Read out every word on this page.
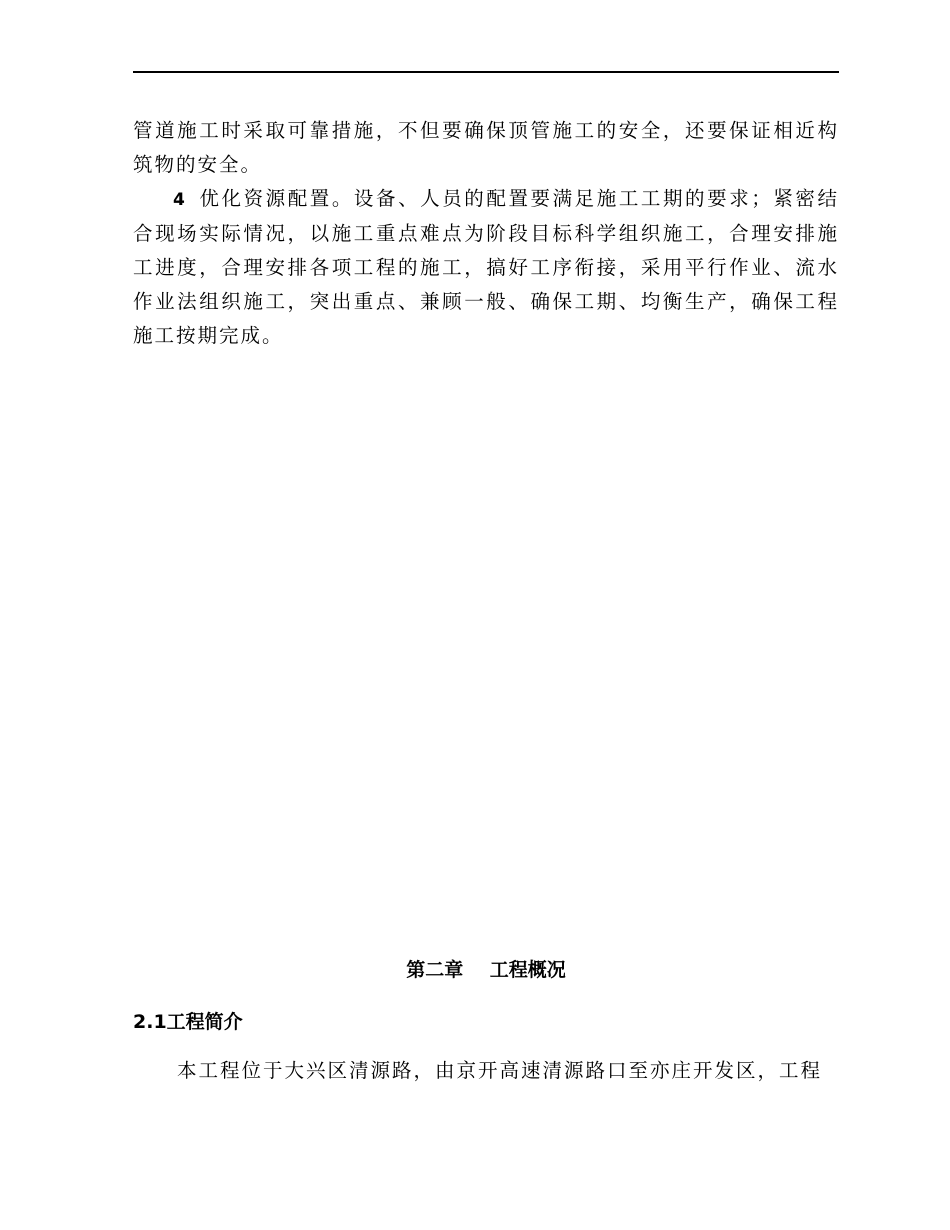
管道施工时采取可靠措施，不但要确保顶管施工的安全，还要保证相近构筑物的安全。

4 优化资源配置。设备、人员的配置要满足施工工期的要求；紧密结合现场实际情况，以施工重点难点为阶段目标科学组织施工，合理安排施工进度，合理安排各项工程的施工，搞好工序衔接，采用平行作业、流水作业法组织施工，突出重点、兼顾一般、确保工期、均衡生产，确保工程施工按期完成。

第二章    工程概况
2.1工程简介

本工程位于大兴区清源路，由京开高速清源路口至亦庄开发区，工程
